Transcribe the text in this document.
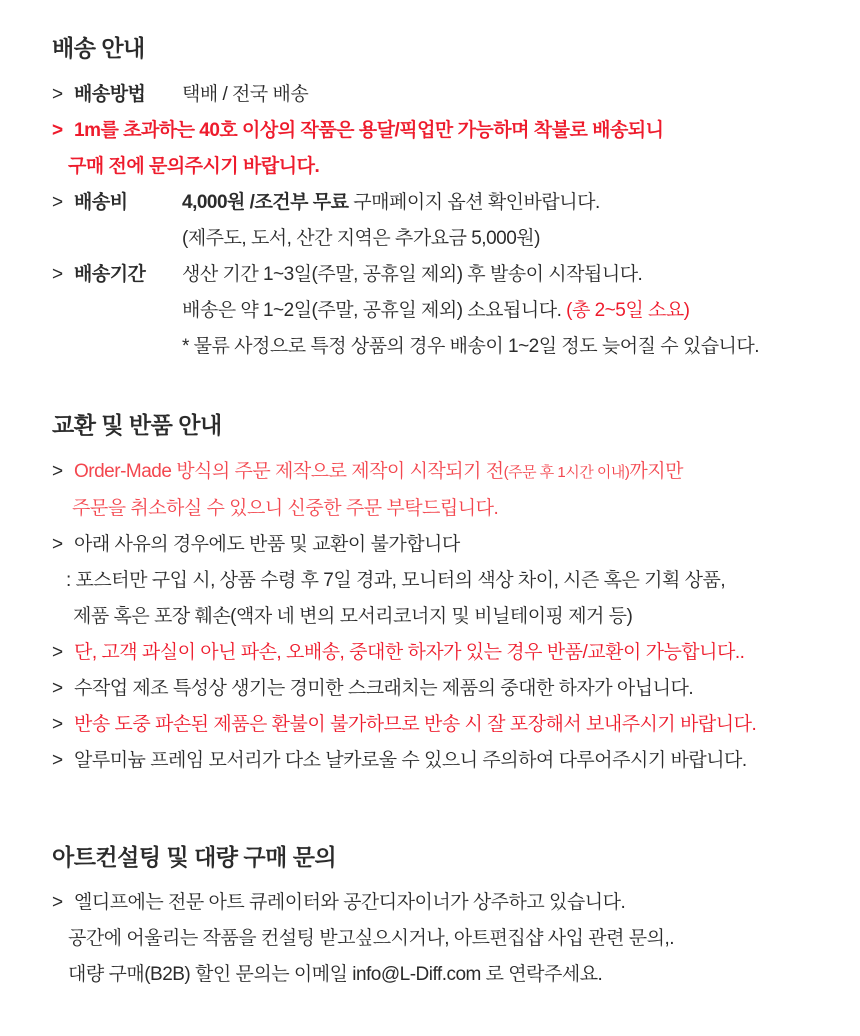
배송 안내
> 배송방법	택배 / 전국 배송
> 1m를 초과하는 40호 이상의 작품은 용달/픽업만 가능하며 착불로 배송되니
구매 전에 문의주시기 바랍니다.
> 배송비	4,000원 /조건부 무료 구매페이지 옵션 확인바랍니다.
(제주도, 도서, 산간 지역은 추가요금 5,000원)
> 배송기간	생산 기간 1~3일(주말, 공휴일 제외) 후 발송이 시작됩니다.
배송은 약 1~2일(주말, 공휴일 제외) 소요됩니다. (총 2~5일 소요)
* 물류 사정으로 특정 상품의 경우 배송이 1~2일 정도 늦어질 수 있습니다.
교환 및 반품 안내
> Order-Made 방식의 주문 제작으로 제작이 시작되기 전(주문 후 1시간 이내)까지만
주문을 취소하실 수 있으니 신중한 주문 부탁드립니다.
> 아래 사유의 경우에도 반품 및 교환이 불가합니다
: 포스터만 구입 시, 상품 수령 후 7일 경과, 모니터의 색상 차이, 시즌 혹은 기획 상품,
제품 혹은 포장 훼손(액자 네 변의 모서리코너지 및 비닐테이핑 제거 등)
> 단, 고객 과실이 아닌 파손, 오배송, 중대한 하자가 있는 경우 반품/교환이 가능합니다..
> 수작업 제조 특성상 생기는 경미한 스크래치는 제품의 중대한 하자가 아닙니다.
> 반송 도중 파손된 제품은 환불이 불가하므로 반송 시 잘 포장해서 보내주시기 바랍니다.
> 알루미늄 프레임 모서리가 다소 날카로울 수 있으니 주의하여 다루어주시기 바랍니다.
아트컨설팅 및 대량 구매 문의
> 엘디프에는 전문 아트 큐레이터와 공간디자이너가 상주하고 있습니다.
공간에 어울리는 작품을 컨설팅 받고싶으시거나, 아트편집샵 사입 관련 문의,.
대량 구매(B2B) 할인 문의는 이메일 info@L-Diff.com 로 연락주세요.
